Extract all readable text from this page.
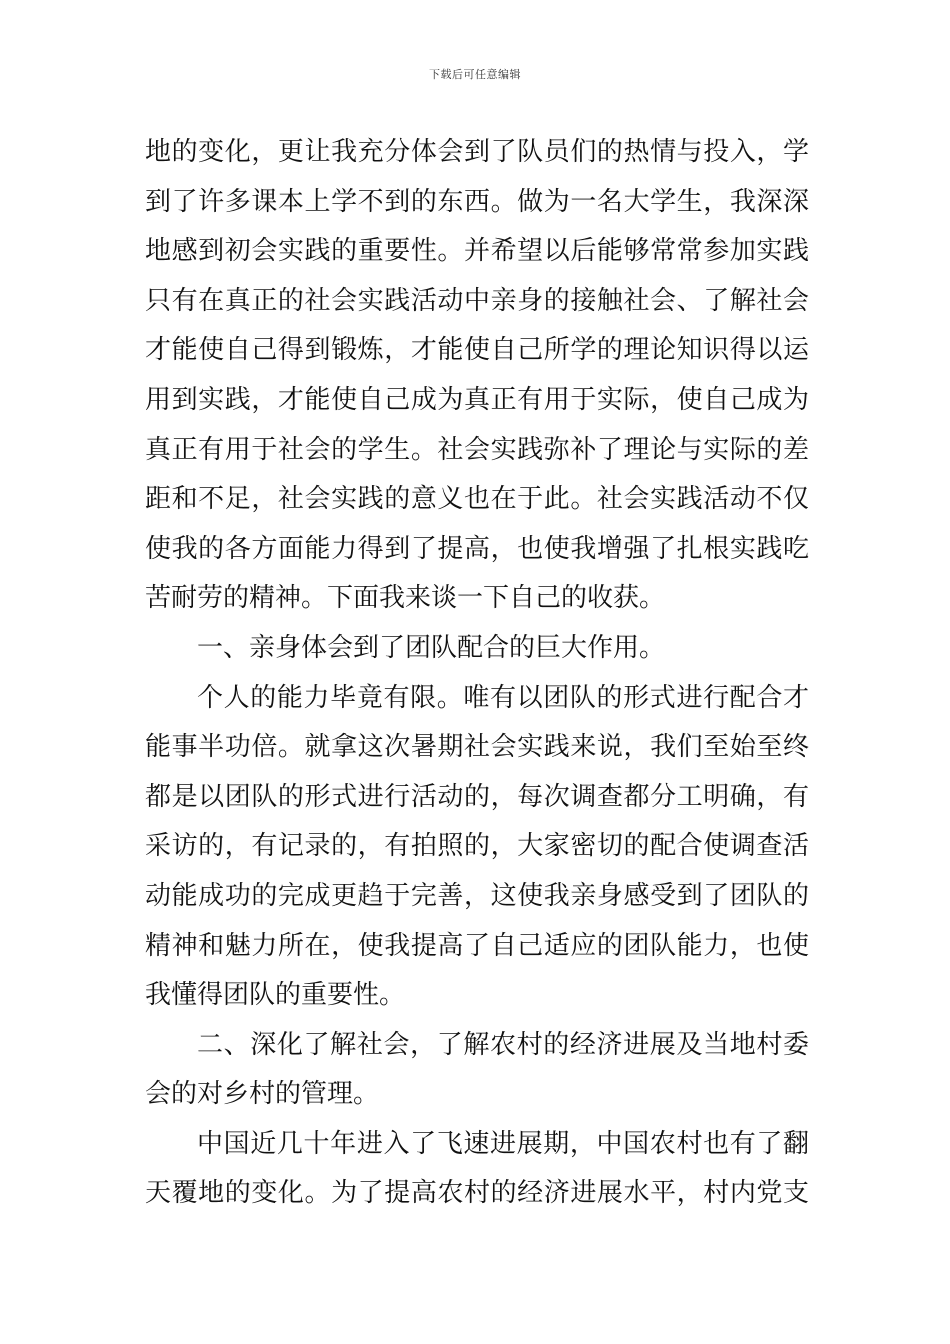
下载后可任意编辑
地的变化，更让我充分体会到了队员们的热情与投入，学
到了许多课本上学不到的东西。做为一名大学生，我深深
地感到初会实践的重要性。并希望以后能够常常参加实践
只有在真正的社会实践活动中亲身的接触社会、了解社会
才能使自己得到锻炼，才能使自己所学的理论知识得以运
用到实践，才能使自己成为真正有用于实际，使自己成为
真正有用于社会的学生。社会实践弥补了理论与实际的差
距和不足，社会实践的意义也在于此。社会实践活动不仅
使我的各方面能力得到了提高，也使我增强了扎根实践吃
苦耐劳的精神。下面我来谈一下自己的收获。
一、亲身体会到了团队配合的巨大作用。
个人的能力毕竟有限。唯有以团队的形式进行配合才
能事半功倍。就拿这次暑期社会实践来说，我们至始至终
都是以团队的形式进行活动的，每次调查都分工明确，有
采访的，有记录的，有拍照的，大家密切的配合使调查活
动能成功的完成更趋于完善，这使我亲身感受到了团队的
精神和魅力所在，使我提高了自己适应的团队能力，也使
我懂得团队的重要性。
二、深化了解社会，了解农村的经济进展及当地村委
会的对乡村的管理。
中国近几十年进入了飞速进展期，中国农村也有了翻
天覆地的变化。为了提高农村的经济进展水平，村内党支
